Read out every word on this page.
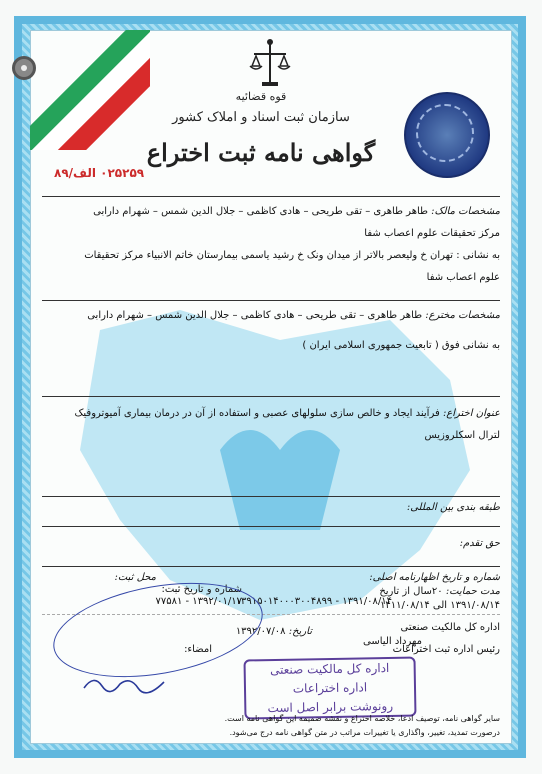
قوه قضائیه
سازمان ثبت اسناد و املاک کشور
گواهی نامه ثبت اختراع
۰۲۵۲۵۹ الف/۸۹
مشخصات مالک: طاهر طاهری – تقی طریحی – هادی کاظمی – جلال الدین شمس – شهرام دارابی
مرکز تحقیقات علوم اعصاب شفا
به نشانی : تهران خ ولیعصر بالاتر از میدان ونک خ رشید یاسمی بیمارستان خاتم الانبیاء مرکز تحقیقات
علوم اعصاب شفا
مشخصات مخترع: طاهر طاهری – تقی طریحی – هادی کاظمی – جلال الدین شمس – شهرام دارابی
به نشانی فوق ( تابعیت جمهوری اسلامی ایران )
عنوان اختراع: فرآیند ایجاد و خالص سازی سلولهای عصبی و استفاده از آن در درمان بیماری آمیوتروفیک
لترال اسکلروزیس
طبقه بندی بین المللی:
حق تقدم:
شماره و تاریخ اظهارنامه اصلی: محل ثبت:
مدت حمایت: ۲۰سال از تاریخ
۱۳۹۱/۰۸/۱۴ الی ۱۴۱۱/۰۸/۱۴
۱۳۹۱/۰۸/۱۴ - ۱۳۹۱۵۰۱۴۰۰۰۳۰۰۴۸۹۹
۱۳۹۲/۰۱/۱۷ - ۷۷۵۸۱
شماره و تاریخ ثبت:
اداره کل مالکیت صنعتی
مهرداد الیاسی
رئیس اداره ثبت اختراعات
تاریخ: ۱۳۹۲/۰۷/۰۸
امضاء:
اداره کل مالکیت صنعتی
اداره اختراعات
رونوشت برابر اصل است
سایر گواهی نامه، توصیف ادعا، خلاصه اختراع و نقشه ضمیمه این گواهی نامه است.
درصورت تمدید، تغییر، واگذاری یا تغییرات مراتب در متن گواهی نامه درج می‌شود.
